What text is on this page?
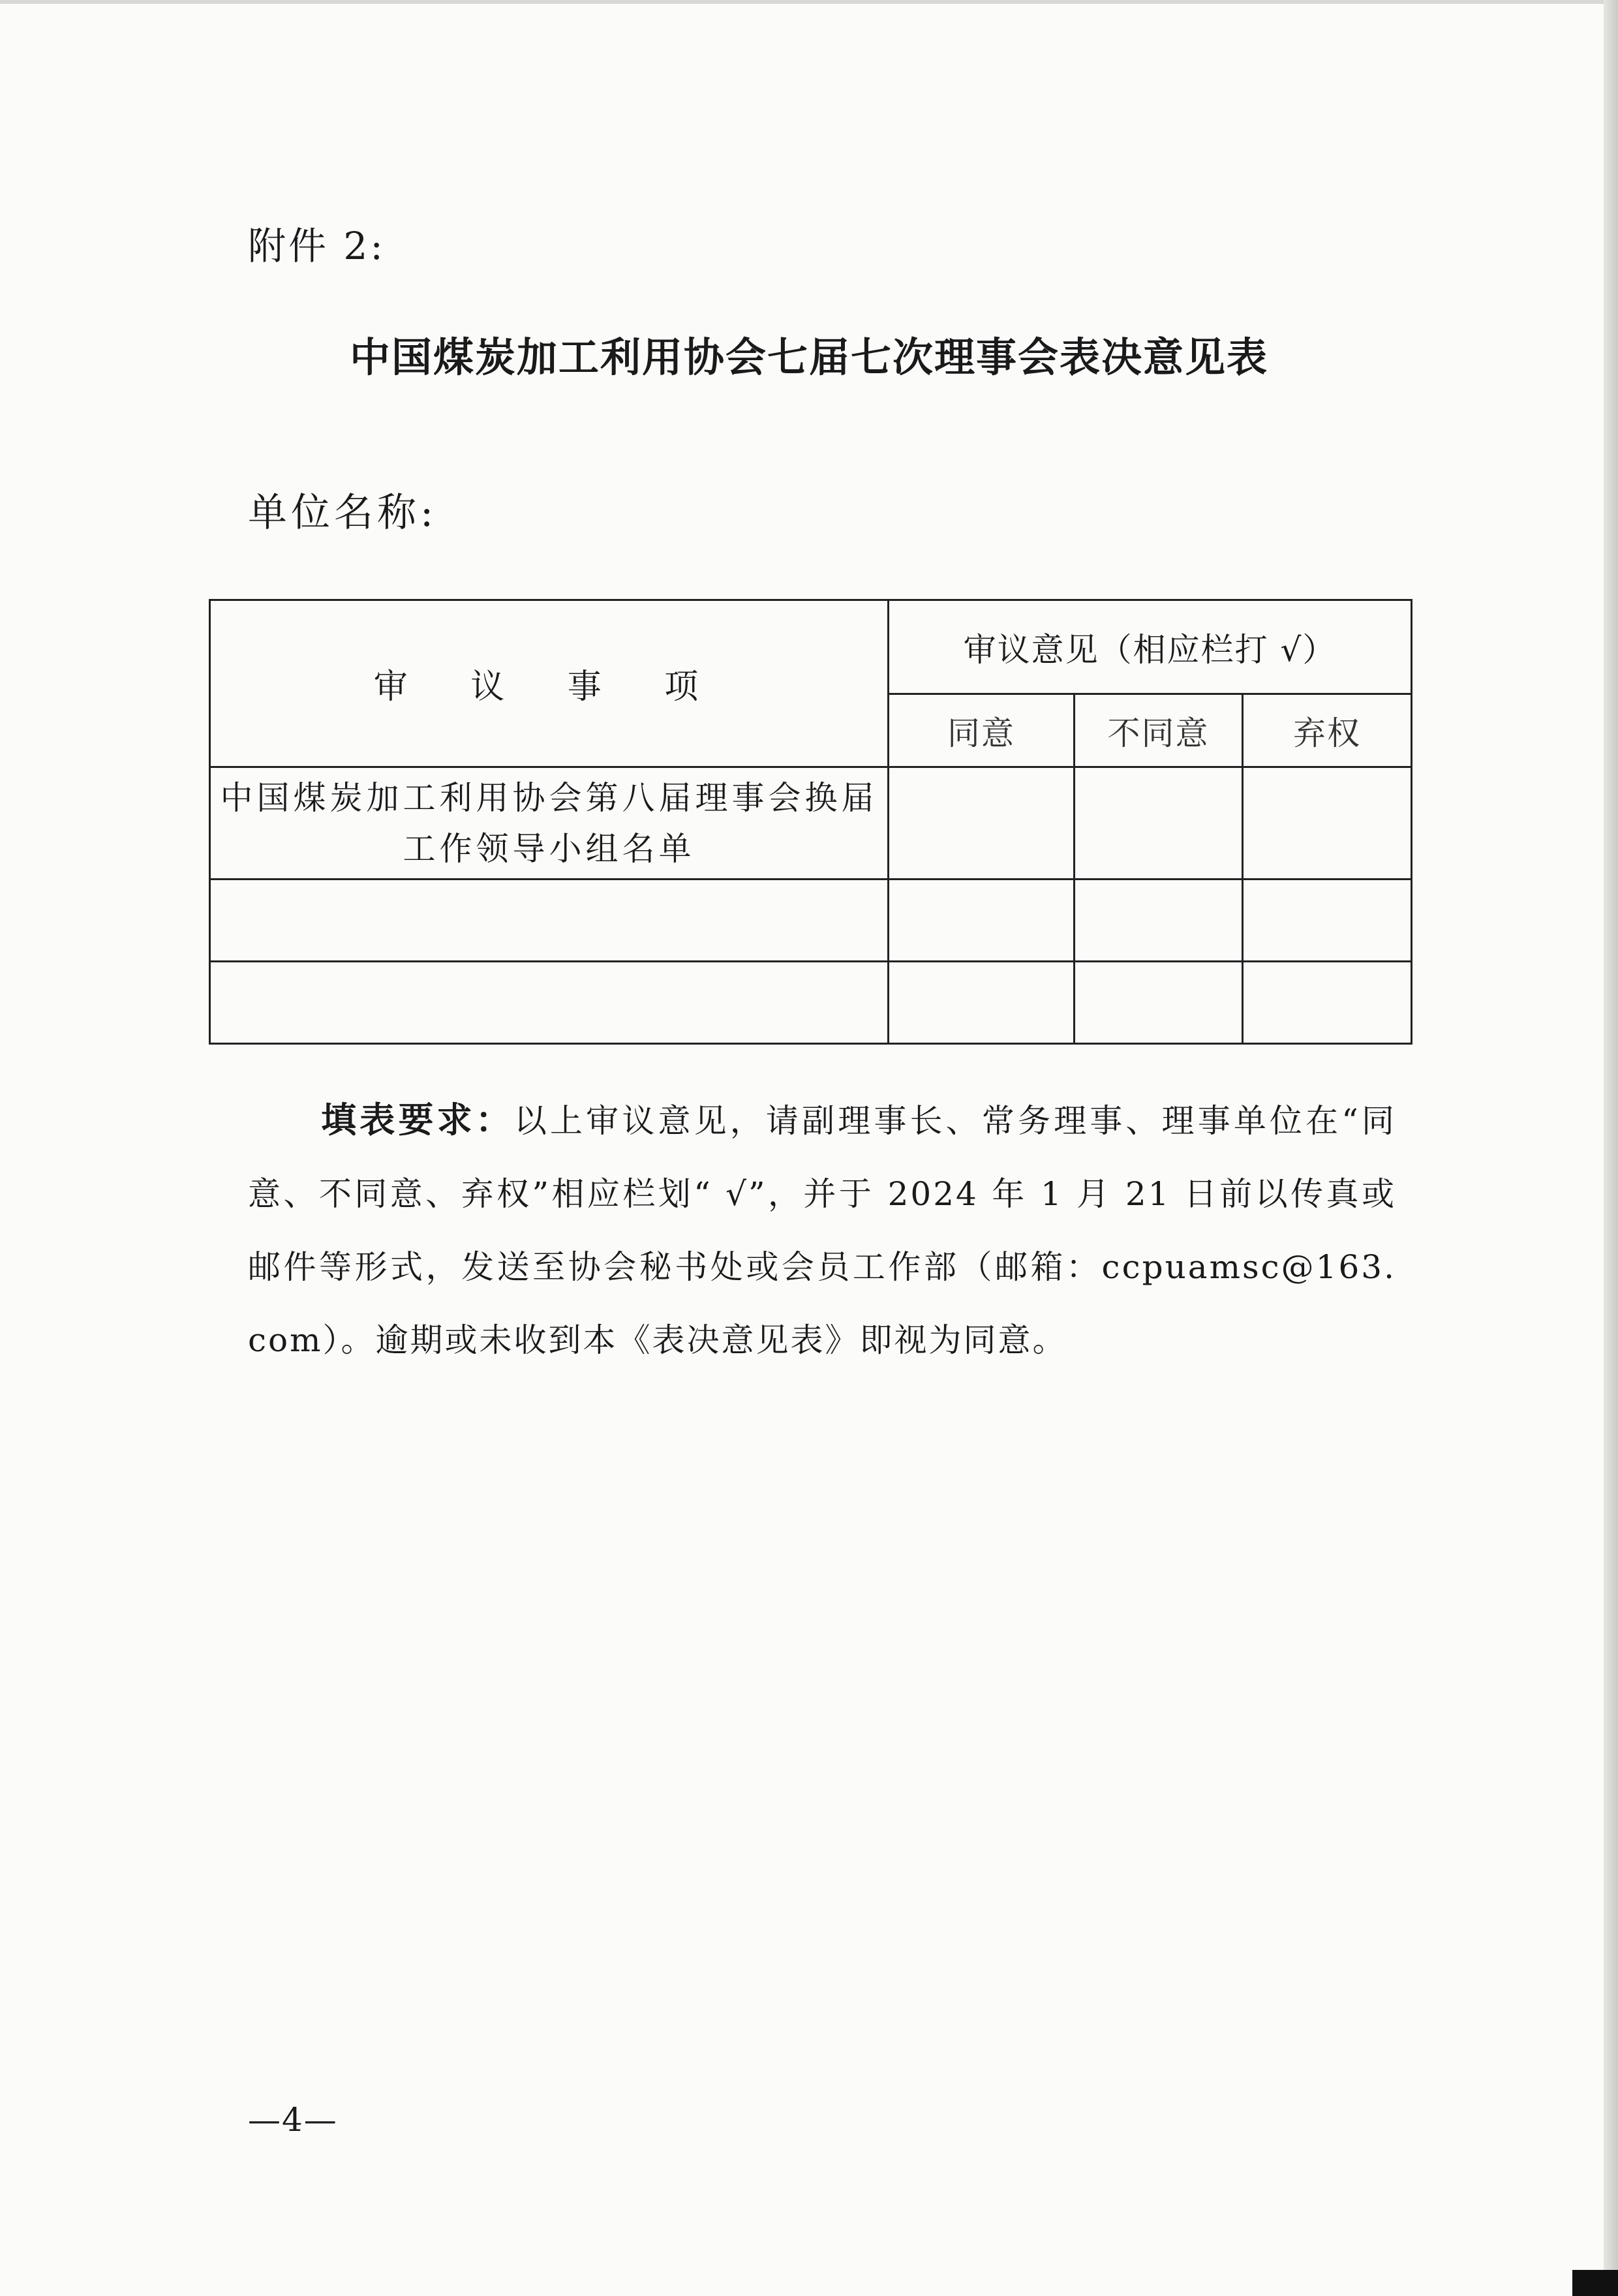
附件 2:
中国煤炭加工利用协会七届七次理事会表决意见表
单位名称:
审 议 事 项	审议意见（相应栏打 √）		
	同意	不同意	弃权
中国煤炭加工利用协会第八届理事会换届工作领导小组名单			

填表要求：以上审议意见，请副理事长、常务理事、理事单位在“同意、不同意、弃权”相应栏划“ √”，并于 2024 年 1 月 21 日前以传真或邮件等形式，发送至协会秘书处或会员工作部（邮箱：ccpuamsc@163. com）。逾期或未收到本《表决意见表》即视为同意。

—4—
